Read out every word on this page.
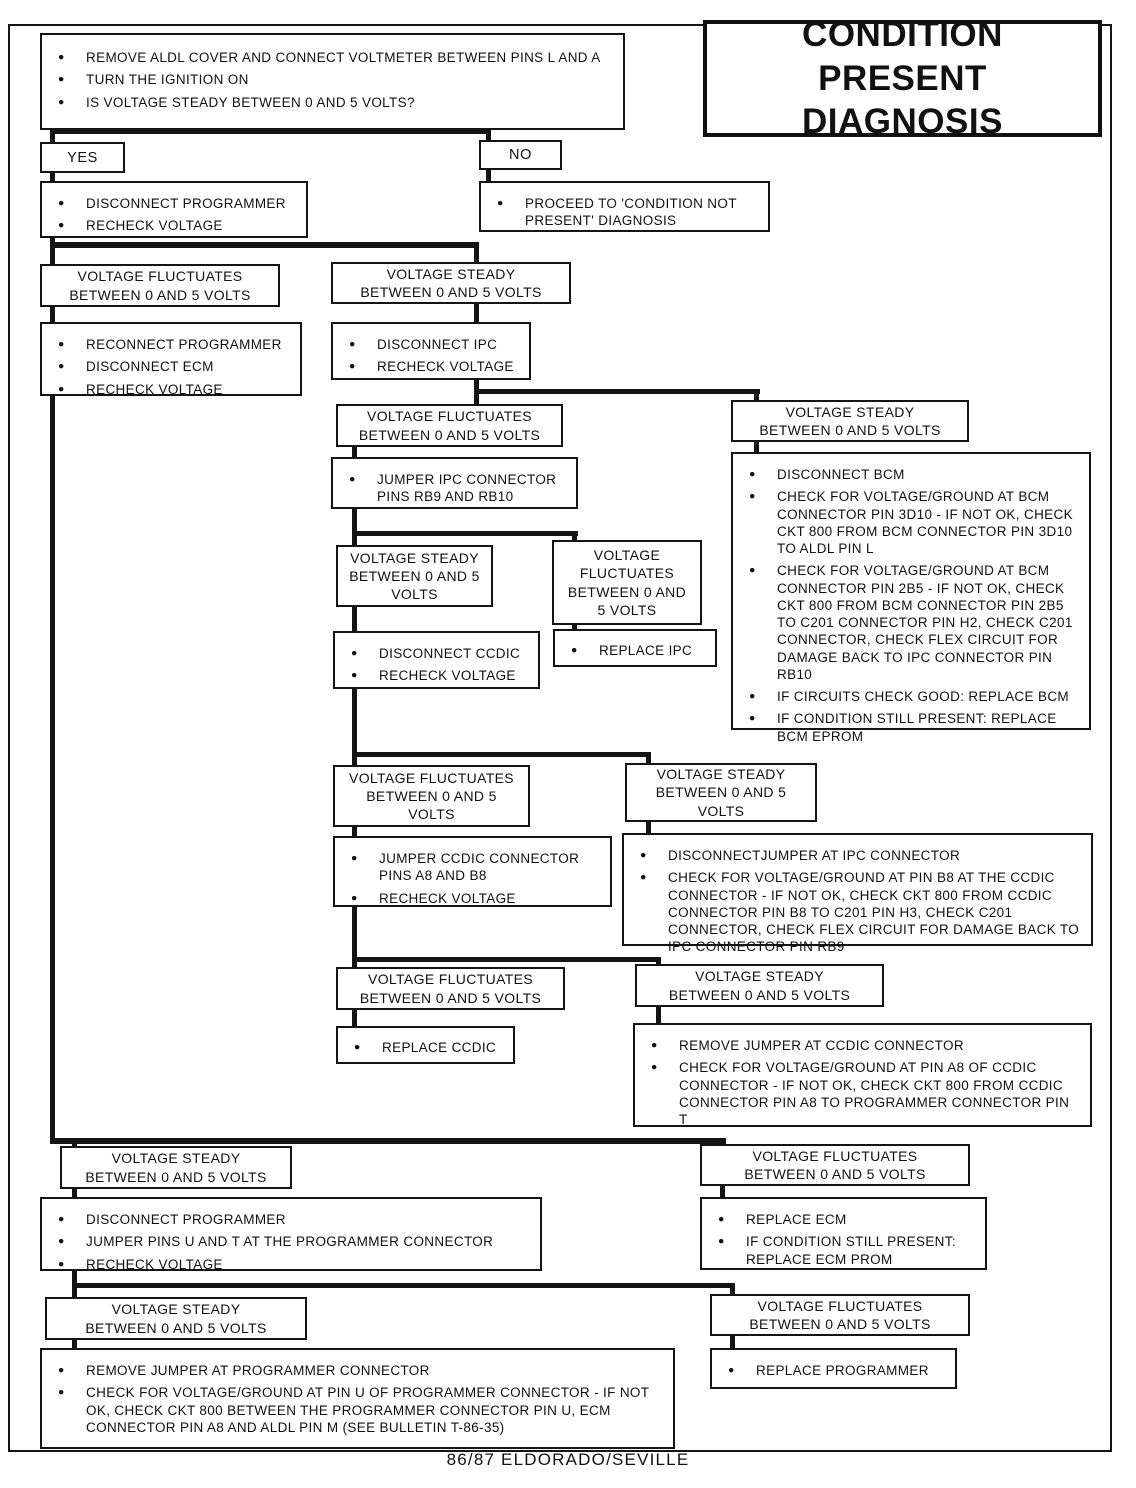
CONDITION PRESENT DIAGNOSIS
● REMOVE ALDL COVER AND CONNECT VOLTMETER BETWEEN PINS L AND A
● TURN THE IGNITION ON
● IS VOLTAGE STEADY BETWEEN 0 AND 5 VOLTS?
YES	NO
● DISCONNECT PROGRAMMER
● RECHECK VOLTAGE
● PROCEED TO 'CONDITION NOT PRESENT' DIAGNOSIS
VOLTAGE FLUCTUATES
BETWEEN 0 AND 5 VOLTS
VOLTAGE STEADY
BETWEEN 0 AND 5 VOLTS
● RECONNECT PROGRAMMER
● DISCONNECT ECM
● RECHECK VOLTAGE
● DISCONNECT IPC
● RECHECK VOLTAGE
VOLTAGE FLUCTUATES
BETWEEN 0 AND 5 VOLTS
VOLTAGE STEADY
BETWEEN 0 AND 5 VOLTS
● JUMPER IPC CONNECTOR PINS RB9 AND RB10
● DISCONNECT BCM
● CHECK FOR VOLTAGE/GROUND AT BCM CONNECTOR PIN 3D10 - IF NOT OK, CHECK CKT 800 FROM BCM CONNECTOR PIN 3D10 TO ALDL PIN L
● CHECK FOR VOLTAGE/GROUND AT BCM CONNECTOR PIN 2B5 - IF NOT OK, CHECK CKT 800 FROM BCM CONNECTOR PIN 2B5 TO C201 CONNECTOR PIN H2, CHECK C201 CONNECTOR, CHECK FLEX CIRCUIT FOR DAMAGE BACK TO IPC CONNECTOR PIN RB10
● IF CIRCUITS CHECK GOOD: REPLACE BCM
● IF CONDITION STILL PRESENT: REPLACE BCM EPROM
VOLTAGE STEADY
BETWEEN 0 AND 5
VOLTS
VOLTAGE
FLUCTUATES
BETWEEN 0 AND
5 VOLTS
● DISCONNECT CCDIC
● RECHECK VOLTAGE
● REPLACE IPC
VOLTAGE FLUCTUATES
BETWEEN 0 AND 5
VOLTS
VOLTAGE STEADY
BETWEEN 0 AND 5
VOLTS
● JUMPER CCDIC CONNECTOR PINS A8 AND B8
● RECHECK VOLTAGE
● DISCONNECTJUMPER AT IPC CONNECTOR
● CHECK FOR VOLTAGE/GROUND AT PIN B8 AT THE CCDIC CONNECTOR - IF NOT OK, CHECK CKT 800 FROM CCDIC CONNECTOR PIN B8 TO C201 PIN H3, CHECK C201 CONNECTOR, CHECK FLEX CIRCUIT FOR DAMAGE BACK TO IPC CONNECTOR PIN RB9
VOLTAGE FLUCTUATES
BETWEEN 0 AND 5 VOLTS
VOLTAGE STEADY
BETWEEN 0 AND 5 VOLTS
● REPLACE CCDIC	● REMOVE JUMPER AT CCDIC CONNECTOR
● CHECK FOR VOLTAGE/GROUND AT PIN A8 OF CCDIC CONNECTOR - IF NOT OK, CHECK CKT 800 FROM CCDIC CONNECTOR PIN A8 TO PROGRAMMER CONNECTOR PIN T
VOLTAGE STEADY
BETWEEN 0 AND 5 VOLTS
VOLTAGE FLUCTUATES
BETWEEN 0 AND 5 VOLTS
● DISCONNECT PROGRAMMER
● JUMPER PINS U AND T AT THE PROGRAMMER CONNECTOR
● RECHECK VOLTAGE
● REPLACE ECM
● IF CONDITION STILL PRESENT: REPLACE ECM PROM
VOLTAGE STEADY
BETWEEN 0 AND 5 VOLTS
VOLTAGE FLUCTUATES
BETWEEN 0 AND 5 VOLTS
● REMOVE JUMPER AT PROGRAMMER CONNECTOR
● CHECK FOR VOLTAGE/GROUND AT PIN U OF PROGRAMMER CONNECTOR - IF NOT OK, CHECK CKT 800 BETWEEN THE PROGRAMMER CONNECTOR PIN U, ECM CONNECTOR PIN A8 AND ALDL PIN M (SEE BULLETIN T-86-35)
● REPLACE PROGRAMMER
86/87 ELDORADO/SEVILLE
